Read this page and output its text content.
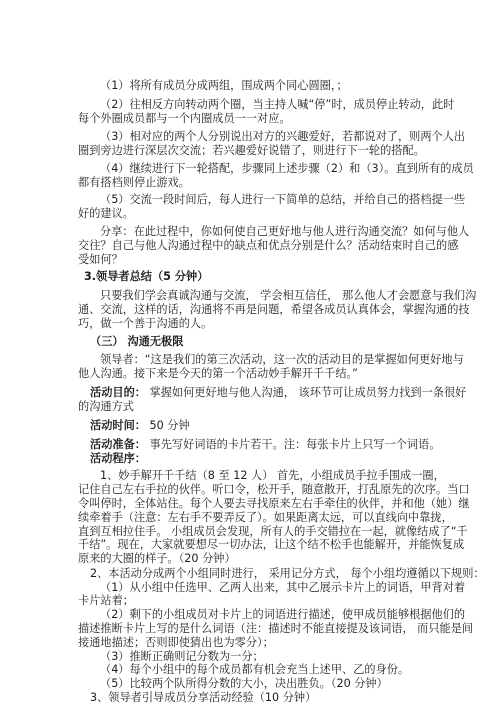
（1）将所有成员分成两组，围成两个同心圆圈，；
（2）往相反方向转动两个圈，当主持人喊“停”时，成员停止转动，此时
每个外圈成员都与一个内圈成员一一对应。
（3）相对应的两个人分别说出对方的兴趣爱好，若都说对了，则两个人出
圈到旁边进行深层次交流；若兴趣爱好说错了，则进行下一轮的搭配。
（4）继续进行下一轮搭配，步骤同上述步骤（2）和（3）。直到所有的成员
都有搭档则停止游戏。
（5）交流一段时间后，每人进行一下简单的总结，并给自己的搭档提一些
好的建议。
分享：在此过程中，你如何使自己更好地与他人进行沟通交流？如何与他人
交往？自己与他人沟通过程中的缺点和优点分别是什么？活动结束时自己的感
受如何？
3.领导者总结（5 分钟）
只要我们学会真诚沟通与交流， 学会相互信任， 那么他人才会愿意与我们沟
通、交流，这样的话，沟通将不再是问题，希望各成员认真体会，掌握沟通的技
巧，做一个善于沟通的人。
（三） 沟通无极限
领导者：“这是我们的第三次活动，这一次的活动目的是掌握如何更好地与
他人沟通。接下来是今天的第一个活动妙手解开千千结。”
活动目的： 掌握如何更好地与他人沟通， 该环节可让成员努力找到一条很好
的沟通方式
活动时间： 50 分钟
活动准备： 事先写好词语的卡片若干。注：每张卡片上只写一个词语。
活动程序：
1、妙手解开千千结（8 至 12 人） 首先，小组成员手拉手围成一圈，
记住自己左右手拉的伙伴。听口令，松开手，随意散开，打乱原先的次序。当口
令叫停时，全体站住。每个人要去寻找原来左右手牵住的伙伴，并和他（她）继
续牵着手（注意：左右手不要弄反了）。如果距离太远，可以直线向中靠拢，
直到互相拉住手。 小组成员会发现，所有人的手交错拉在一起，就像结成了“千
千结”。现在，大家就要想尽一切办法，让这个结不松手也能解开，并能恢复成
原来的大圈的样子。（20 分钟）
2、本活动分成两个小组同时进行， 采用记分方式， 每个小组均遵循以下规则：
（1）从小组中任选甲、乙两人出来，其中乙展示卡片上的词语，甲背对着
卡片站着；
（2）剩下的小组成员对卡片上的词语进行描述，使甲成员能够根据他们的
描述推断卡片上写的是什么词语（注：描述时不能直接提及该词语， 而只能是间
接通地描述；否则即使猜出也为零分）；
（3）推断正确则记分数为一分；
（4）每个小组中的每个成员都有机会充当上述甲、乙的身份。
（5）比较两个队所得分数的大小，决出胜负。（20 分钟）
3、领导者引导成员分享活动经验（10 分钟）
